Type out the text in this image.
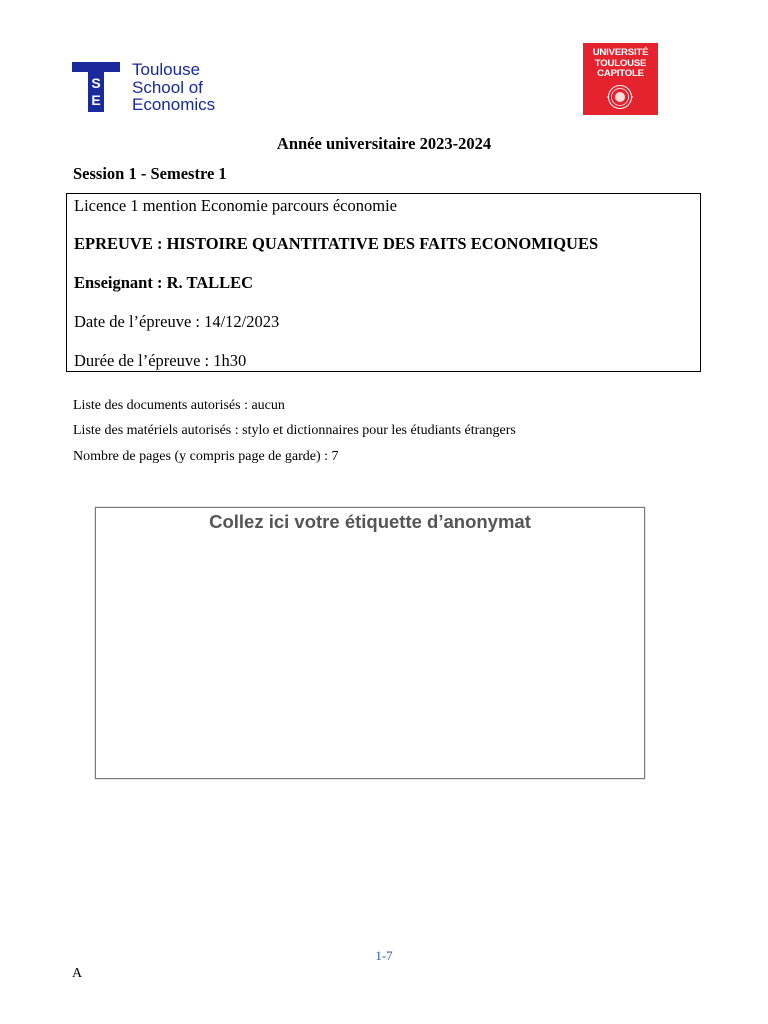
S
E
Toulouse
School of
Economics
UNIVERSITÉ
TOULOUSE
CAPITOLE
Année universitaire 2023-2024
Session 1 - Semestre 1
Licence 1 mention Economie parcours économie
EPREUVE : HISTOIRE QUANTITATIVE DES FAITS ECONOMIQUES
Enseignant : R. TALLEC
Date de l’épreuve : 14/12/2023
Durée de l’épreuve : 1h30
Liste des documents autorisés : aucun
Liste des matériels autorisés : stylo et dictionnaires pour les étudiants étrangers
Nombre de pages (y compris page de garde) : 7
Collez ici votre étiquette d’anonymat
1-7
A
